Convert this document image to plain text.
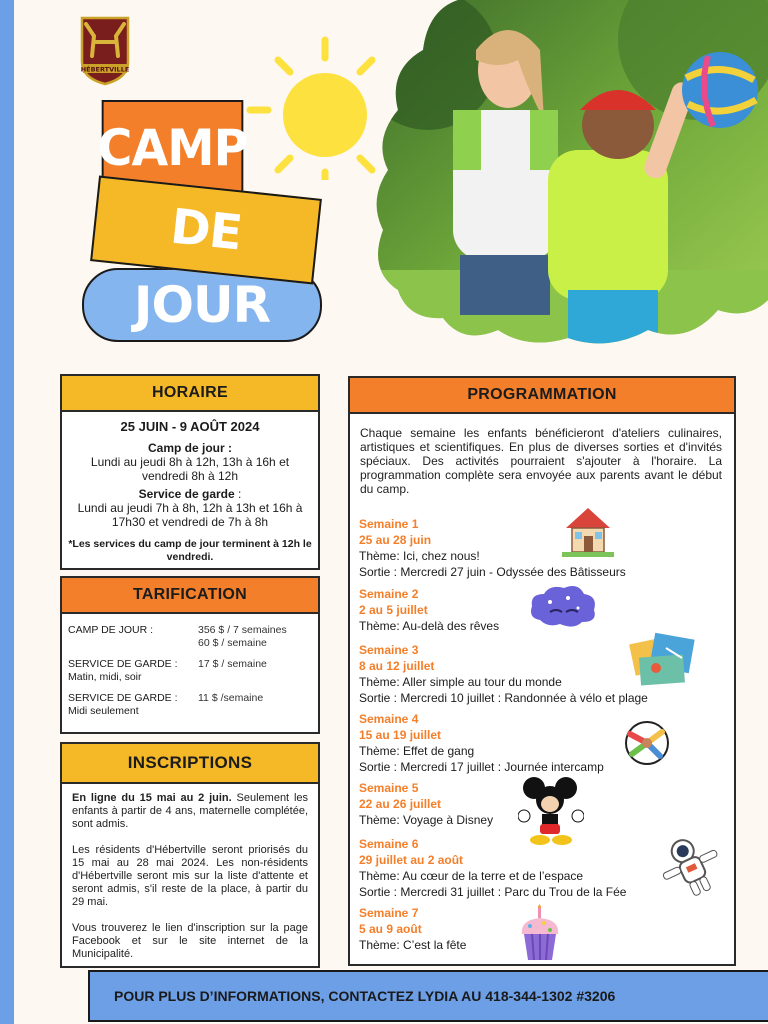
HÉBERTVILLE
CAMP
JOUR
DE
HORAIRE
25 JUIN - 9 AOÛT 2024
Camp de jour :
Lundi au jeudi 8h à 12h, 13h à 16h et vendredi 8h à 12h
Service de garde :
Lundi au jeudi 7h à 8h, 12h à 13h et 16h à 17h30 et vendredi de 7h à 8h
*Les services du camp de jour terminent à 12h le vendredi.
TARIFICATION
CAMP DE JOUR :	356 $ / 7 semaines
60 $ / semaine
SERVICE DE GARDE :
Matin, midi, soir
17 $ / semaine
SERVICE DE GARDE :
Midi seulement
11 $ /semaine
INSCRIPTIONS

En ligne du 15 mai au 2 juin. Seulement les enfants à partir de 4 ans, maternelle complétée, sont admis.

Les résidents d'Hébertville seront priorisés du 15 mai au 28 mai 2024. Les non-résidents d'Hébertville seront mis sur la liste d'attente et seront admis, s'il reste de la place, à partir du 29 mai.

Vous trouverez le lien d'inscription sur la page Facebook et sur le site internet de la Municipalité.

PROGRAMMATION
Chaque semaine les enfants bénéficieront d'ateliers culinaires, artistiques et scientifiques. En plus de diverses sorties et d'invités spéciaux. Des activités pourraient s'ajouter à l'horaire. La programmation complète sera envoyée aux parents avant le début du camp.
Semaine 1
25 au 28 juin
Thème: Ici, chez nous!
Sortie : Mercredi 27 juin - Odyssée des Bâtisseurs
Semaine 2
2 au 5 juillet
Thème: Au-delà des rêves
Semaine 3
8 au 12 juillet
Thème: Aller simple au tour du monde
Sortie : Mercredi 10 juillet : Randonnée à vélo et plage
Semaine 4
15 au 19 juillet
Thème: Effet de gang
Sortie : Mercredi 17 juillet : Journée intercamp
Semaine 5
22 au 26 juillet
Thème: Voyage à Disney
Semaine 6
29 juillet au 2 août
Thème: Au cœur de la terre et de l’espace
Sortie : Mercredi 31 juillet : Parc du Trou de la Fée
Semaine 7
5 au 9 août
Thème: C’est la fête
POUR PLUS D’INFORMATIONS, CONTACTEZ LYDIA AU 418-344-1302 #3206
